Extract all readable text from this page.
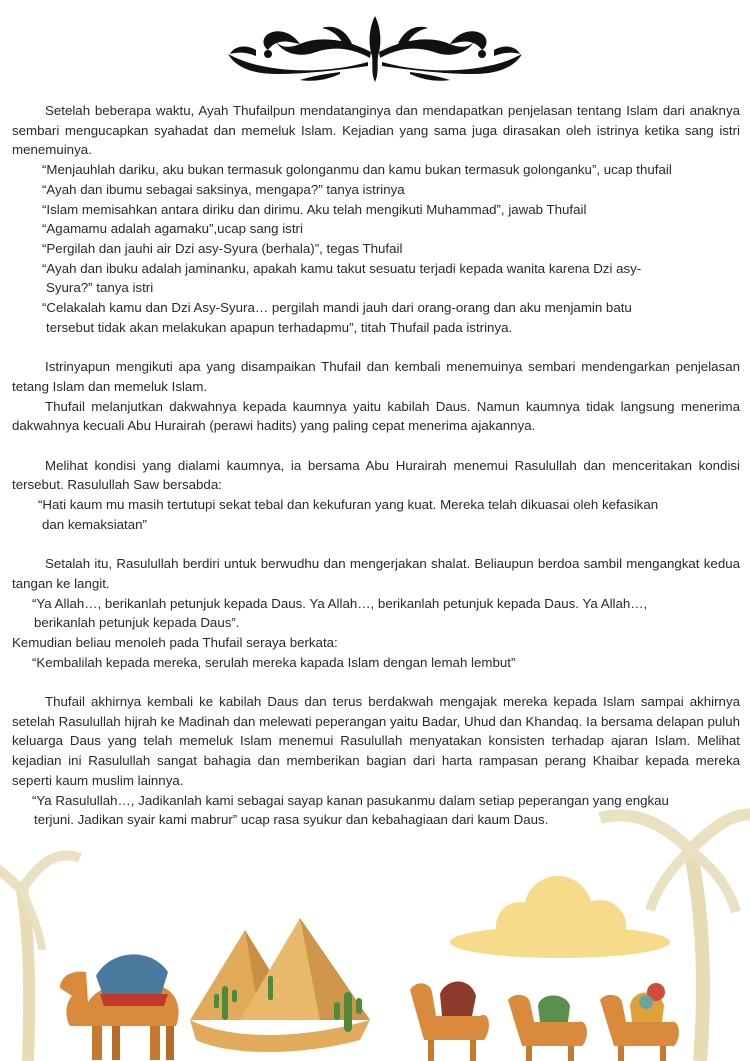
Setelah beberapa waktu, Ayah Thufailpun mendatanginya dan mendapatkan penjelasan tentang Islam dari anaknya sembari mengucapkan syahadat dan memeluk Islam. Kejadian yang sama juga dirasakan oleh istrinya ketika sang istri menemuinya.

“Menjauhlah dariku, aku bukan termasuk golonganmu dan kamu bukan termasuk golonganku”, ucap thufail

“Ayah dan ibumu sebagai saksinya, mengapa?” tanya istrinya

“Islam memisahkan antara diriku dan dirimu. Aku telah mengikuti Muhammad”, jawab Thufail

“Agamamu adalah agamaku”,ucap sang istri

“Pergilah dan jauhi air Dzi asy-Syura (berhala)”, tegas Thufail

“Ayah dan ibuku adalah jaminanku, apakah kamu takut sesuatu terjadi kepada wanita karena Dzi asy-
Syura?” tanya istri

“Celakalah kamu dan Dzi Asy-Syura… pergilah mandi jauh dari orang-orang dan aku menjamin batu
tersebut tidak akan melakukan apapun terhadapmu”, titah Thufail pada istrinya.

Istrinyapun mengikuti apa yang disampaikan Thufail dan kembali menemuinya sembari mendengarkan penjelasan tetang Islam dan memeluk Islam.

Thufail melanjutkan dakwahnya kepada kaumnya yaitu kabilah Daus. Namun kaumnya tidak langsung menerima dakwahnya kecuali Abu Hurairah (perawi hadits) yang paling cepat menerima ajakannya.

Melihat kondisi yang dialami kaumnya, ia bersama Abu Hurairah menemui Rasulullah dan menceritakan kondisi tersebut. Rasulullah Saw bersabda:

“Hati kaum mu masih tertutupi sekat tebal dan kekufuran yang kuat. Mereka telah dikuasai oleh kefasikan
dan kemaksiatan”

Setalah itu, Rasulullah berdiri untuk berwudhu dan mengerjakan shalat. Beliaupun berdoa sambil mengangkat kedua tangan ke langit.

“Ya Allah…, berikanlah petunjuk kepada Daus. Ya Allah…, berikanlah petunjuk kepada Daus. Ya Allah…,
berikanlah petunjuk kepada Daus”.

Kemudian beliau menoleh pada Thufail seraya berkata:

“Kembalilah kepada mereka, serulah mereka kapada Islam dengan lemah lembut”

Thufail akhirnya kembali ke kabilah Daus dan terus berdakwah mengajak mereka kepada Islam sampai akhirnya setelah Rasulullah hijrah ke Madinah dan melewati peperangan yaitu Badar, Uhud dan Khandaq. Ia bersama delapan puluh keluarga Daus yang telah memeluk Islam menemui Rasulullah menyatakan konsisten terhadap ajaran Islam. Melihat kejadian ini Rasulullah sangat bahagia dan memberikan bagian dari harta rampasan perang Khaibar kepada mereka seperti kaum muslim lainnya.

“Ya Rasulullah…, Jadikanlah kami sebagai sayap kanan pasukanmu dalam setiap peperangan yang engkau
terjuni. Jadikan syair kami mabrur” ucap rasa syukur dan kebahagiaan dari kaum Daus.
